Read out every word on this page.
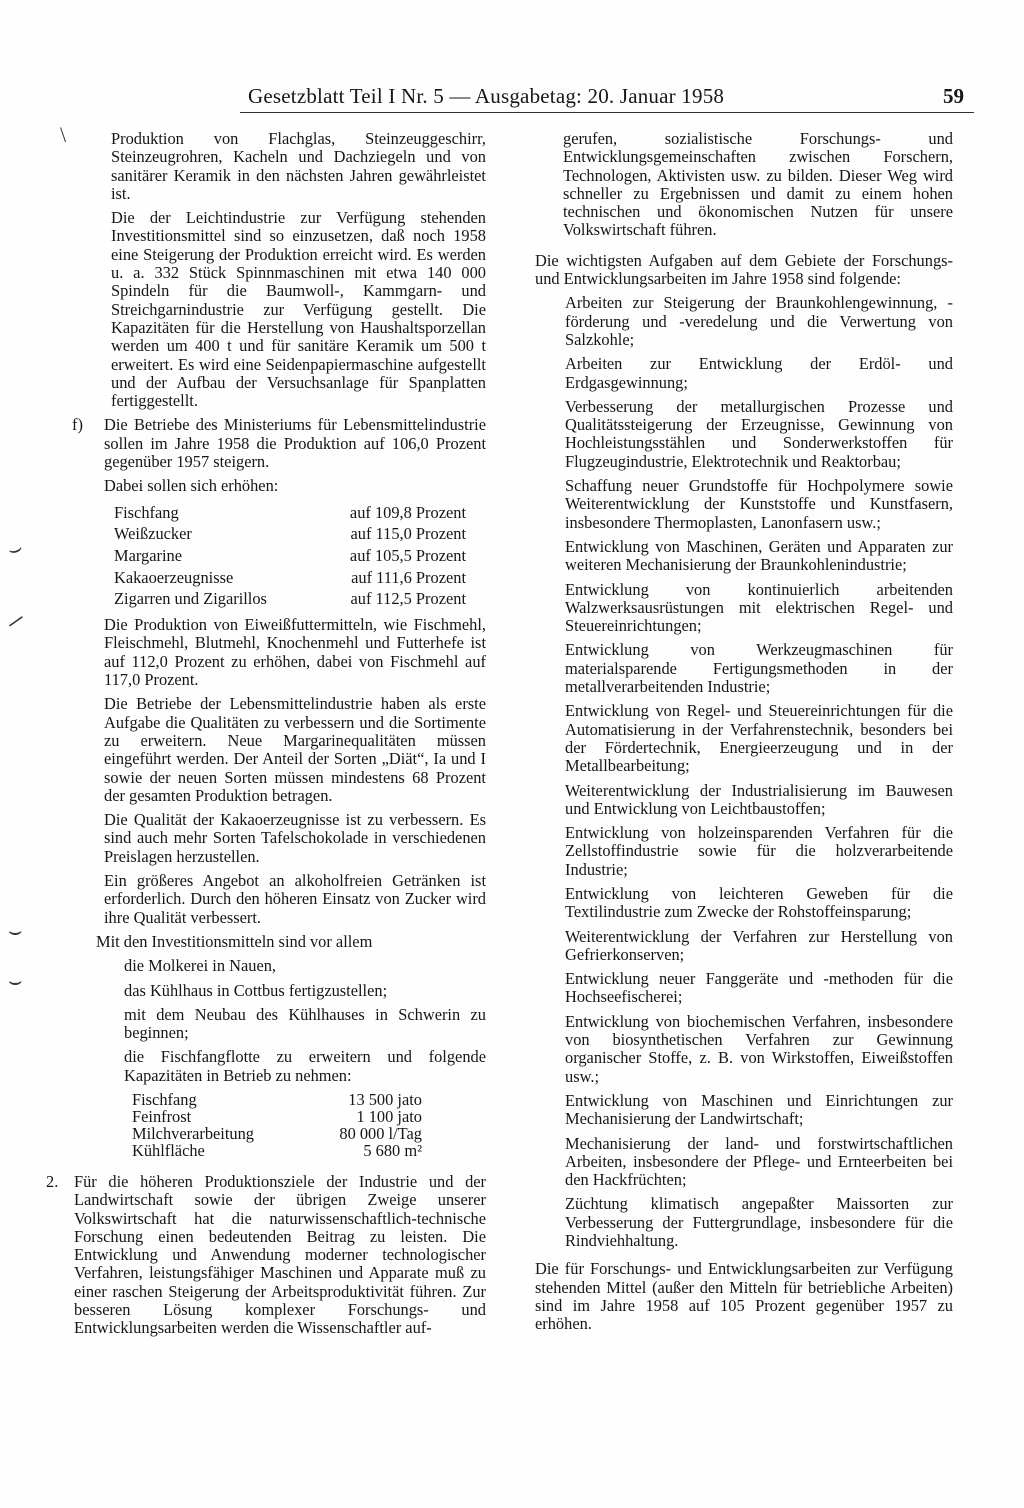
Gesetzblatt Teil I Nr. 5 — Ausgabetag: 20. Januar 1958	59
\
⌣
─
⌣
⌣

Produktion von Flachglas, Steinzeuggeschirr, Steinzeugrohren, Kacheln und Dachziegeln und von sanitärer Keramik in den nächsten Jahren gewährleistet ist.

Die der Leichtindustrie zur Verfügung stehenden Investitionsmittel sind so einzusetzen, daß noch 1958 eine Steigerung der Produktion erreicht wird. Es werden u. a. 332 Stück Spinnmaschinen mit etwa 140 000 Spindeln für die Baumwoll-, Kammgarn- und Streichgarnindustrie zur Verfügung gestellt. Die Kapazitäten für die Herstellung von Haushaltsporzellan werden um 400 t und für sanitäre Keramik um 500 t erweitert. Es wird eine Seidenpapiermaschine aufgestellt und der Aufbau der Versuchsanlage für Spanplatten fertiggestellt.

f)	Die Betriebe des Ministeriums für Lebensmittelindustrie sollen im Jahre 1958 die Produktion auf 106,0 Prozent gegenüber 1957 steigern.

Dabei sollen sich erhöhen:

Fischfang	auf 109,8 Prozent
Weißzucker	auf 115,0 Prozent
Margarine	auf 105,5 Prozent
Kakaoerzeugnisse	auf 111,6 Prozent
Zigarren und Zigarillos	auf 112,5 Prozent

Die Produktion von Eiweißfuttermitteln, wie Fischmehl, Fleischmehl, Blutmehl, Knochenmehl und Futterhefe ist auf 112,0 Prozent zu erhöhen, dabei von Fischmehl auf 117,0 Prozent.

Die Betriebe der Lebensmittelindustrie haben als erste Aufgabe die Qualitäten zu verbessern und die Sortimente zu erweitern. Neue Margarinequalitäten müssen eingeführt werden. Der Anteil der Sorten „Diät“, Ia und I sowie der neuen Sorten müssen mindestens 68 Prozent der gesamten Produktion betragen.

Die Qualität der Kakaoerzeugnisse ist zu verbessern. Es sind auch mehr Sorten Tafelschokolade in verschiedenen Preislagen herzustellen.

Ein größeres Angebot an alkoholfreien Getränken ist erforderlich. Durch den höheren Einsatz von Zucker wird ihre Qualität verbessert.

Mit den Investitionsmitteln sind vor allem

die Molkerei in Nauen,

das Kühlhaus in Cottbus fertigzustellen;

mit dem Neubau des Kühlhauses in Schwerin zu beginnen;

die Fischfangflotte zu erweitern und folgende Kapazitäten in Betrieb zu nehmen:

Fischfang	13 500 jato
Feinfrost	1 100 jato
Milchverarbeitung	80 000 l/Tag
Kühlfläche	5 680 m²
2. Für die höheren Produktionsziele der Industrie und der Landwirtschaft sowie der übrigen Zweige unserer Volkswirtschaft hat die naturwissenschaftlich-technische Forschung einen bedeutenden Beitrag zu leisten. Die Entwicklung und Anwendung moderner technologischer Verfahren, leistungsfähiger Maschinen und Apparate muß zu einer raschen Steigerung der Arbeitsproduktivität führen. Zur besseren Lösung komplexer Forschungs- und Entwicklungsarbeiten werden die Wissenschaftler auf-

gerufen, sozialistische Forschungs- und Entwicklungsgemeinschaften zwischen Forschern, Technologen, Aktivisten usw. zu bilden. Dieser Weg wird schneller zu Ergebnissen und damit zu einem hohen technischen und ökonomischen Nutzen für unsere Volkswirtschaft führen.

Die wichtigsten Aufgaben auf dem Gebiete der Forschungs- und Entwicklungsarbeiten im Jahre 1958 sind folgende:

Arbeiten zur Steigerung der Braunkohlengewinnung, -förderung und -veredelung und die Verwertung von Salzkohle;

Arbeiten zur Entwicklung der Erdöl- und Erdgasgewinnung;

Verbesserung der metallurgischen Prozesse und Qualitätssteigerung der Erzeugnisse, Gewinnung von Hochleistungsstählen und Sonderwerkstoffen für Flugzeugindustrie, Elektrotechnik und Reaktorbau;

Schaffung neuer Grundstoffe für Hochpolymere sowie Weiterentwicklung der Kunststoffe und Kunstfasern, insbesondere Thermoplasten, Lanonfasern usw.;

Entwicklung von Maschinen, Geräten und Apparaten zur weiteren Mechanisierung der Braunkohlenindustrie;

Entwicklung von kontinuierlich arbeitenden Walzwerksausrüstungen mit elektrischen Regel- und Steuereinrichtungen;

Entwicklung von Werkzeugmaschinen für materialsparende Fertigungsmethoden in der metallverarbeitenden Industrie;

Entwicklung von Regel- und Steuereinrichtungen für die Automatisierung in der Verfahrenstechnik, besonders bei der Fördertechnik, Energieerzeugung und in der Metallbearbeitung;

Weiterentwicklung der Industrialisierung im Bauwesen und Entwicklung von Leichtbaustoffen;

Entwicklung von holzeinsparenden Verfahren für die Zellstoffindustrie sowie für die holzverarbeitende Industrie;

Entwicklung von leichteren Geweben für die Textilindustrie zum Zwecke der Rohstoffeinsparung;

Weiterentwicklung der Verfahren zur Herstellung von Gefrierkonserven;

Entwicklung neuer Fanggeräte und -methoden für die Hochseefischerei;

Entwicklung von biochemischen Verfahren, insbesondere von biosynthetischen Verfahren zur Gewinnung organischer Stoffe, z. B. von Wirkstoffen, Eiweißstoffen usw.;

Entwicklung von Maschinen und Einrichtungen zur Mechanisierung der Landwirtschaft;

Mechanisierung der land- und forstwirtschaftlichen Arbeiten, insbesondere der Pflege- und Ernteerbeiten bei den Hackfrüchten;

Züchtung klimatisch angepaßter Maissorten zur Verbesserung der Futtergrundlage, insbesondere für die Rindviehhaltung.

Die für Forschungs- und Entwicklungsarbeiten zur Verfügung stehenden Mittel (außer den Mitteln für betriebliche Arbeiten) sind im Jahre 1958 auf 105 Prozent gegenüber 1957 zu erhöhen.
